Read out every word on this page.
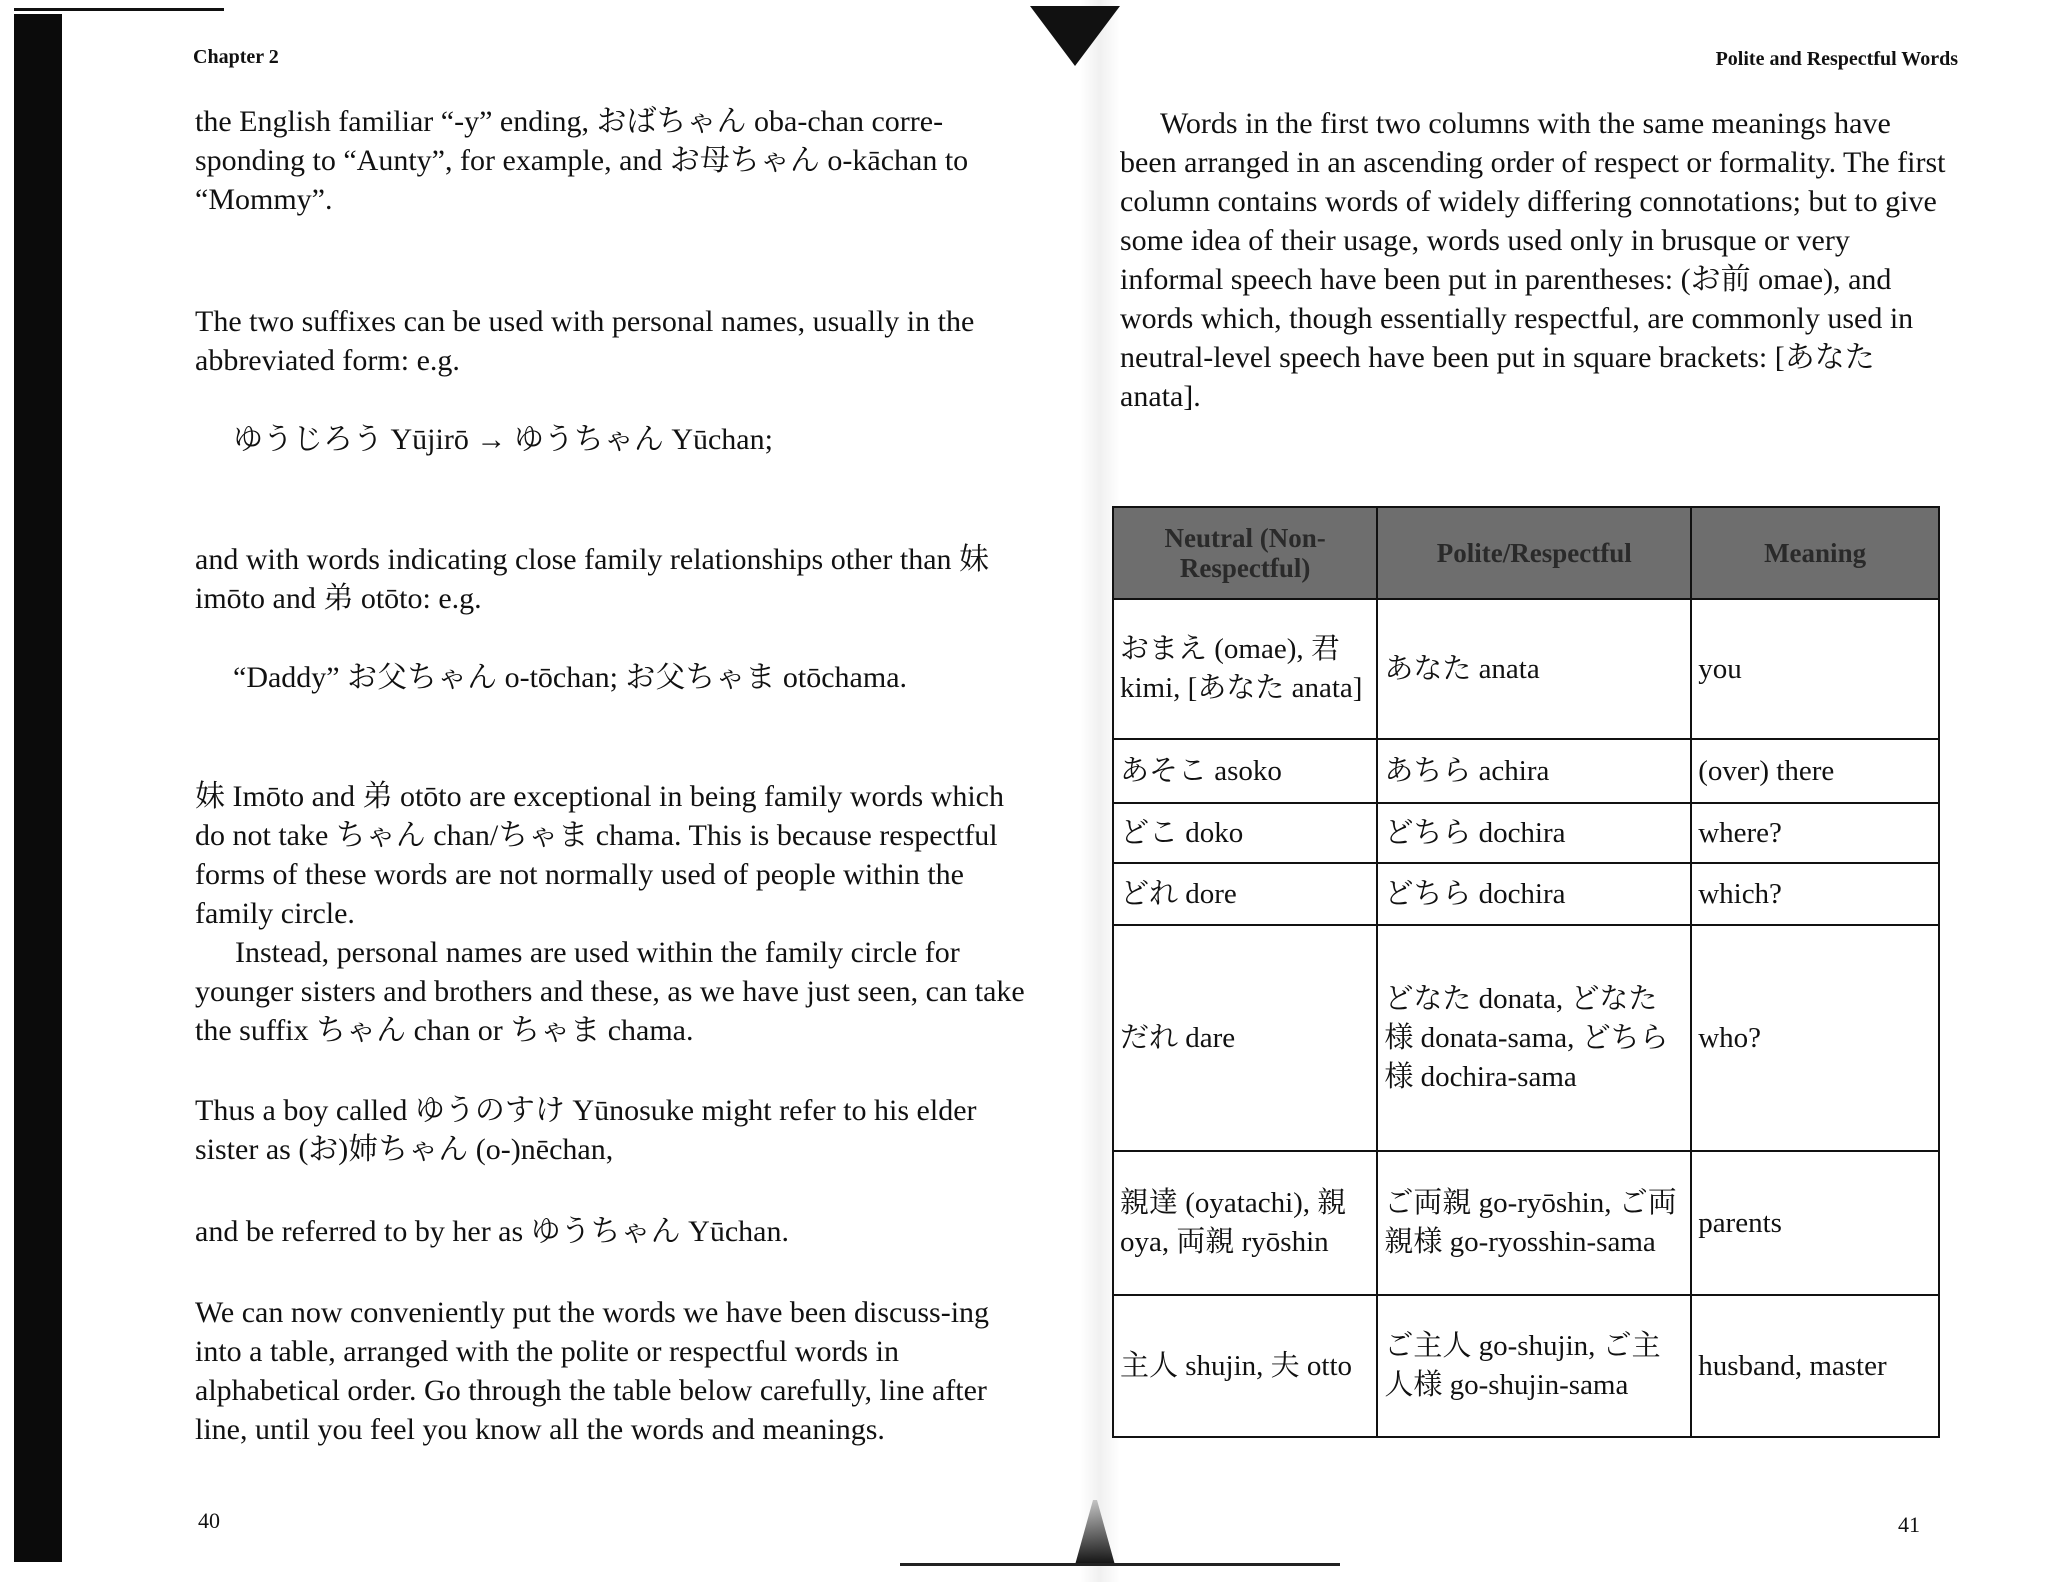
Chapter 2

the English familiar “-y” ending, おばちゃん oba-chan corre-sponding to “Aunty”, for example, and お母ちゃん o-kāchan to “Mommy”.

The two suffixes can be used with personal names, usually in the abbreviated form: e.g.

ゆうじろう Yūjirō → ゆうちゃん Yūchan;

and with words indicating close family relationships other than 妹 imōto and 弟 otōto: e.g.

“Daddy” お父ちゃん o-tōchan; お父ちゃま otōchama.

妹 Imōto and 弟 otōto are exceptional in being family words which do not take ちゃん chan/ちゃま chama. This is because respectful forms of these words are not normally used of people within the family circle.

Instead, personal names are used within the family circle for younger sisters and brothers and these, as we have just seen, can take the suffix ちゃん chan or ちゃま chama.

Thus a boy called ゆうのすけ Yūnosuke might refer to his elder sister as (お)姉ちゃん (o-)nēchan,

and be referred to by her as ゆうちゃん Yūchan.

We can now conveniently put the words we have been discuss-ing into a table, arranged with the polite or respectful words in alphabetical order. Go through the table below carefully, line after line, until you feel you know all the words and meanings.

40
Polite and Respectful Words

Words in the first two columns with the same meanings have been arranged in an ascending order of respect or formality. The first column contains words of widely differing connotations; but to give some idea of their usage, words used only in brusque or very informal speech have been put in parentheses: (お前 omae), and words which, though essentially respectful, are commonly used in neutral-level speech have been put in square brackets: [あなた anata].

Neutral (Non-Respectful)	Polite/Respectful	Meaning
おまえ (omae), 君 kimi, [あなた anata]	あなた anata	you
あそこ asoko	あちら achira	(over) there
どこ doko	どちら dochira	where?
どれ dore	どちら dochira	which?
だれ dare	どなた donata, どなた様 donata-sama, どちら様 dochira-sama	who?
親達 (oyatachi), 親 oya, 両親 ryōshin	ご両親 go-ryōshin, ご両親様 go-ryosshin-sama	parents
主人 shujin, 夫 otto	ご主人 go-shujin, ご主人様 go-shujin-sama	husband, master
41
